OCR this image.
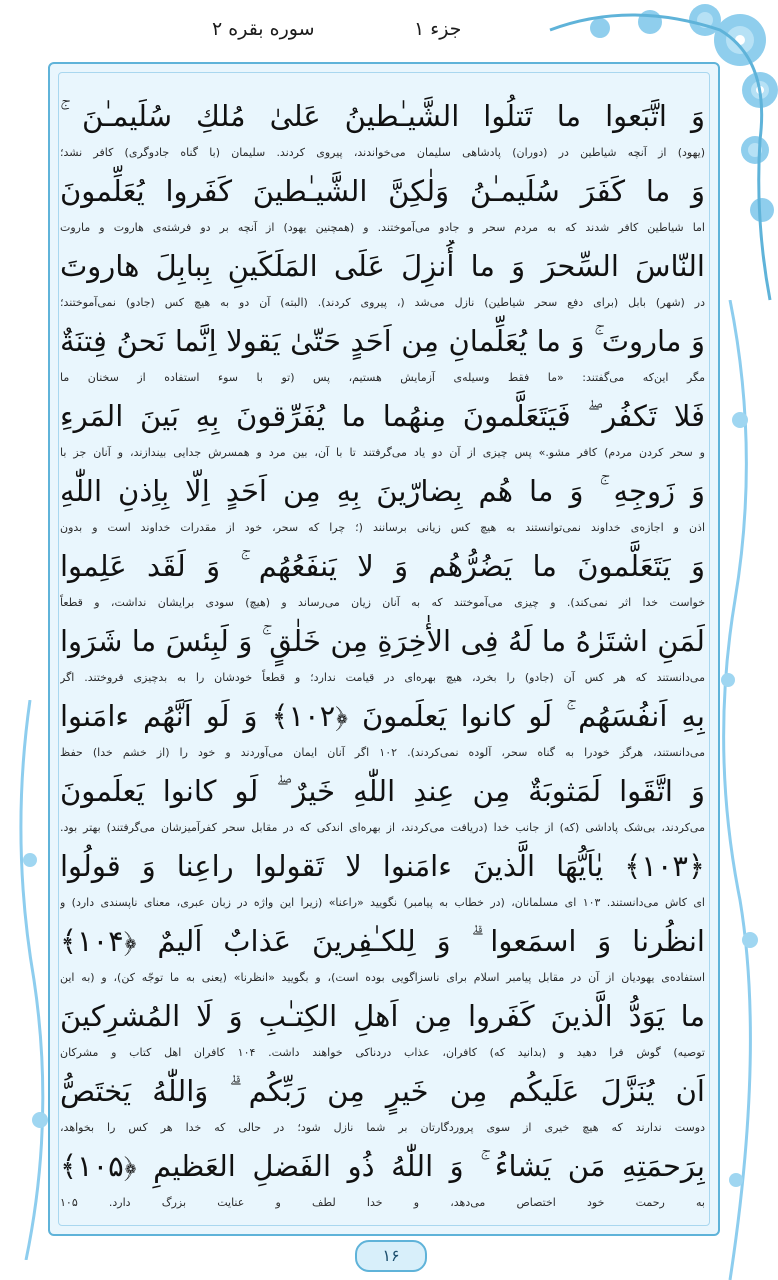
جزء ۱
سوره بقره ۲
وَ اتَّبَعوا ما تَتلُوا الشَّیـٰطینُ عَلیٰ مُلكِ سُلَیمـٰنَ ۚ
(یهود) از آنچه شیاطین در (دوران) پادشاهی سلیمان می‌خواندند، پیروی کردند. سلیمان (با گناه جادوگری) کافر نشد؛
وَ ما كَفَرَ سُلَیمـٰنُ وَلٰكِنَّ الشَّیـٰطینَ كَفَروا یُعَلِّمونَ
اما شیاطین کافر شدند که به مردم سحر و جادو می‌آموختند. و (همچنین یهود) از آنچه بر دو فرشته‌ی هاروت و ماروت
النّاسَ السِّحرَ وَ ما أُنزِلَ عَلَی المَلَكَینِ بِبابِلَ هاروتَ
در (شهر) بابل (برای دفع سحر شیاطین) نازل می‌شد (، پیروی کردند). (البته) آن دو به هیچ کس (جادو) نمی‌آموختند؛
وَ ماروتَ ۚ وَ ما یُعَلِّمانِ مِن اَحَدٍ حَتّیٰ یَقولا اِنَّما نَحنُ فِتنَةٌ
مگر این‌که می‌گفتند: «ما فقط وسیله‌ی آزمایش هستیم، پس (تو با سوء استفاده از سخنان ما
فَلا تَكفُر ۖ فَیَتَعَلَّمونَ مِنهُما ما یُفَرِّقونَ بِهِ بَینَ المَرءِ
و سحر کردن مردم) کافر مشو.» پس چیزی از آن دو یاد می‌گرفتند تا با آن، بین مرد و همسرش جدایی بیندازند، و آنان جز با
وَ زَوجِهِ ۚ وَ ما هُم بِضارّینَ بِهِ مِن اَحَدٍ اِلّا بِاِذنِ اللّٰهِ
اذن و اجازه‌ی خداوند نمی‌توانستند به هیچ کس زیانی برسانند (؛ چرا که سحر، خود از مقدرات خداوند است و بدون
وَ یَتَعَلَّمونَ ما یَضُرُّهُم وَ لا یَنفَعُهُم ۚ وَ لَقَد عَلِموا
خواست خدا اثر نمی‌کند). و چیزی می‌آموختند که به آنان زیان می‌رساند و (هیچ) سودی برایشان نداشت، و قطعاً
لَمَنِ اشتَرٰهُ ما لَهُ فِی الأٰخِرَةِ مِن خَلٰقٍ ۚ وَ لَبِئسَ ما شَرَوا
می‌دانستند که هر کس آن (جادو) را بخرد، هیچ بهره‌ای در قیامت ندارد؛ و قطعاً خودشان را به بدچیزی فروختند. اگر
بِهِ اَنفُسَهُم ۚ لَو كانوا یَعلَمونَ ﴿۱۰۲﴾ وَ لَو اَنَّهُم ءامَنوا
می‌دانستند، هرگز خودرا به گناه سحر، آلوده نمی‌کردند). ۱۰۲ اگر آنان ایمان می‌آوردند و خود را (از خشم خدا) حفظ
وَ اتَّقَوا لَمَثوبَةٌ مِن عِندِ اللّٰهِ خَیرٌ ۖ لَو كانوا یَعلَمونَ
می‌کردند، بی‌شک پاداشی (که) از جانب خدا (دریافت می‌کردند، از بهره‌ای اندکی که در مقابل سحر کفرآمیزشان می‌گرفتند) بهتر بود.
﴿۱۰۳﴾ یٰاَیُّهَا الَّذینَ ءامَنوا لا تَقولوا راعِنا وَ قولُوا
ای کاش می‌دانستند. ۱۰۳ ای مسلمانان، (در خطاب به پیامبر) نگویید «راعنا» (زیرا این واژه در زبان عبری، معنای ناپسندی دارد) و
انظُرنا وَ اسمَعوا ۗ وَ لِلكـٰفِرینَ عَذابٌ اَلیمٌ ﴿۱۰۴﴾
استفاده‌ی یهودیان از آن در مقابل پیامبر اسلام برای ناسزاگویی بوده است)، و بگویید «انظرنا» (یعنی به ما توجّه کن)، و (به این
ما یَوَدُّ الَّذینَ كَفَروا مِن اَهلِ الكِتـٰبِ وَ لَا المُشرِكینَ
توصیه) گوش فرا دهید و (بدانید که) کافران، عذاب دردناکی خواهند داشت. ۱۰۴ کافران اهل کتاب و مشرکان
اَن یُنَزَّلَ عَلَیكُم مِن خَیرٍ مِن رَبِّكُم ۗ وَاللّٰهُ یَختَصُّ
دوست ندارند که هیچ خیری از سوی پروردگارتان بر شما نازل شود؛ در حالی که خدا هر کس را بخواهد،
بِرَحمَتِهِ مَن یَشاءُ ۚ وَ اللّٰهُ ذُو الفَضلِ العَظیمِ ﴿۱۰۵﴾
به رحمت خود اختصاص می‌دهد، و خدا لطف و عنایت بزرگ دارد. ۱۰۵
۱۶
